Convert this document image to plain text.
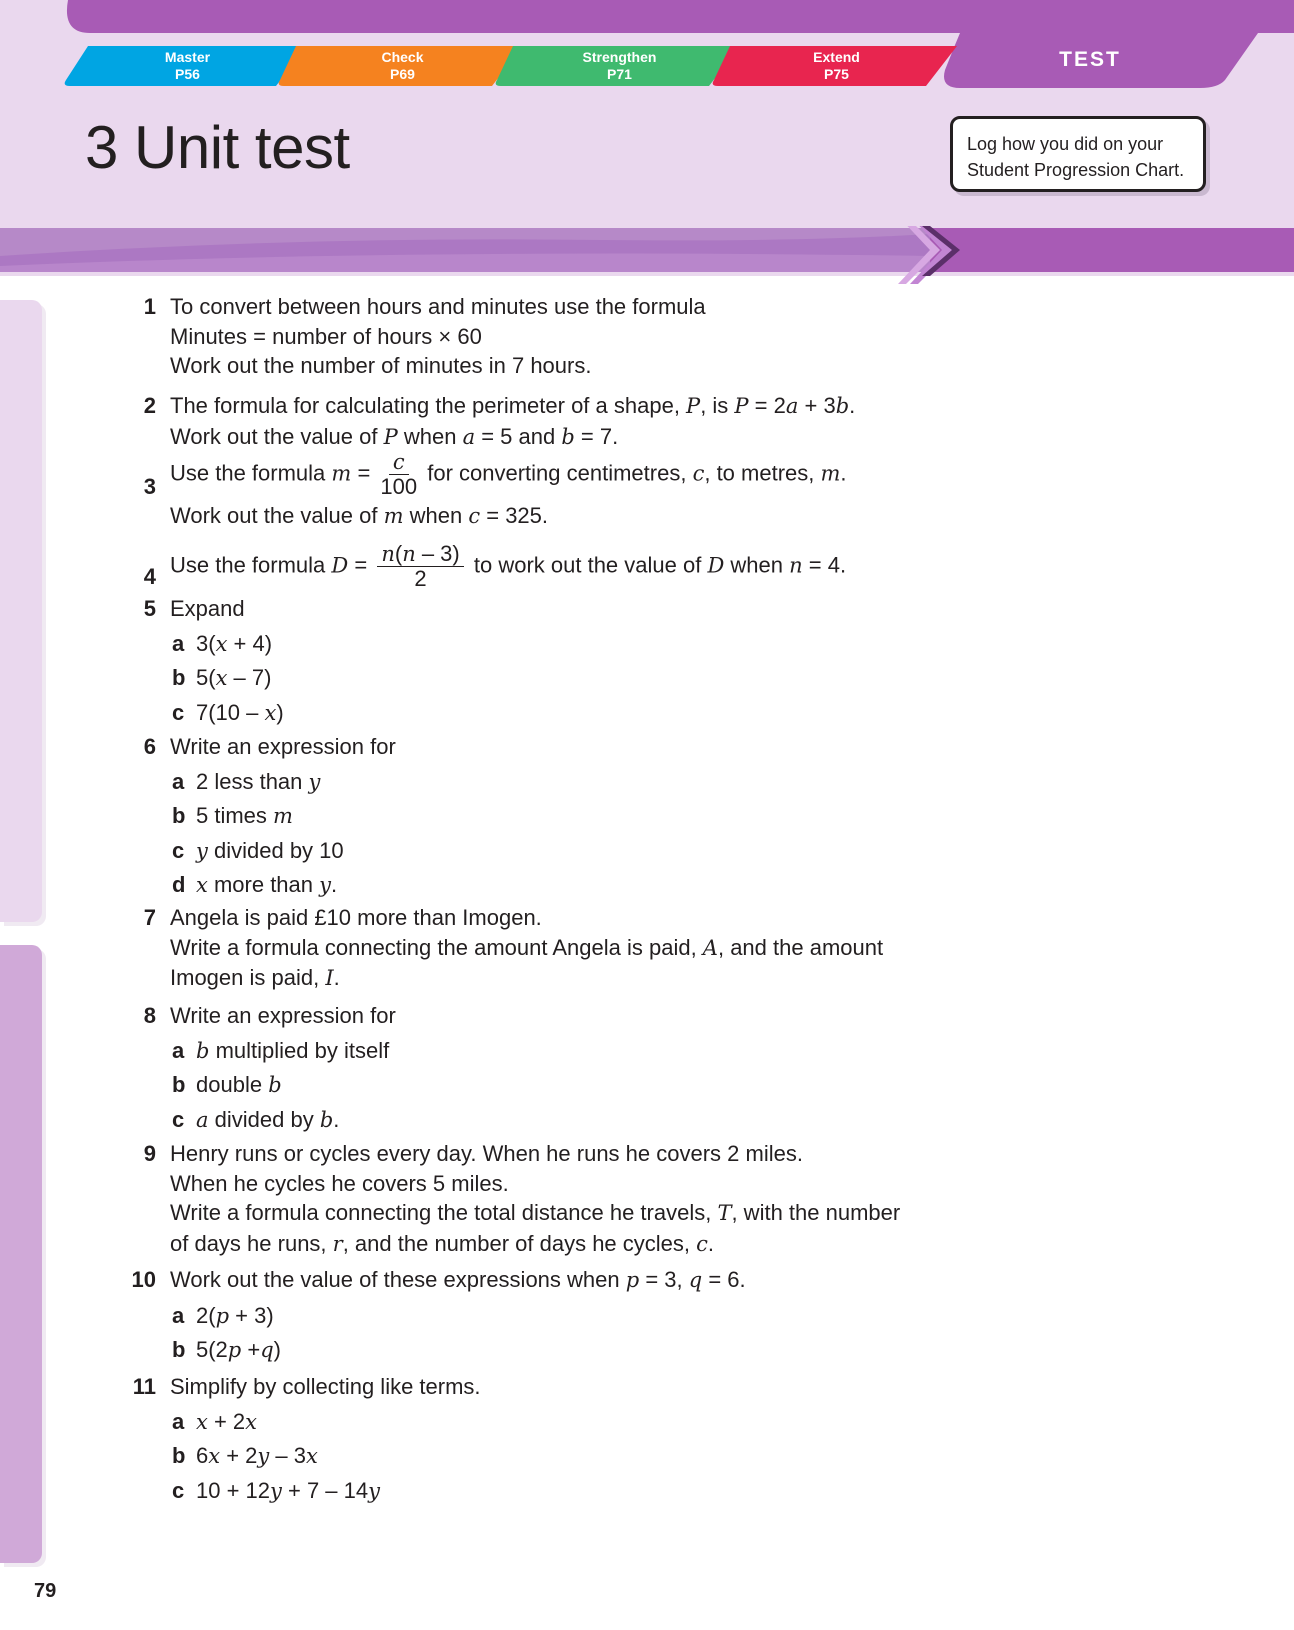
Master
P56
Check
P69
Strengthen
P71
Extend
P75
TEST
3 Unit test	Log how you did on your
Student Progression Chart.
1 To convert between hours and minutes use the formula
Minutes = number of hours × 60
Work out the number of minutes in 7 hours.
2 The formula for calculating the perimeter of a shape, P, is P = 2a + 3b.
Work out the value of P when a = 5 and b = 7.
3
Use the formula $m = \frac{c}{100}$ for converting centimetres, c, to metres, m.
Work out the value of m when c = 325.
4 Use the formula $D = \frac{n(n - 3)}{2}$ to work out the value of D when n = 4.
5 Expand
a 3(x + 4)
b 5(x – 7)
c 7(10 – x)
6 Write an expression for
a 2 less than y
b 5 times m
c y divided by 10
d x more than y.
7 Angela is paid £10 more than Imogen.
Write a formula connecting the amount Angela is paid, A, and the amount
Imogen is paid, I.
8 Write an expression for
a b multiplied by itself
b double b
c a divided by b.
9 Henry runs or cycles every day. When he runs he covers 2 miles.
When he cycles he covers 5 miles.
Write a formula connecting the total distance he travels, T, with the number
of days he runs, r, and the number of days he cycles, c.
10 Work out the value of these expressions when p = 3, q = 6.
a 2(p + 3)
b 5(2p +q)
11 Simplify by collecting like terms.
a x + 2x
b 6x + 2y – 3x
c 10 + 12y + 7 – 14y
79
